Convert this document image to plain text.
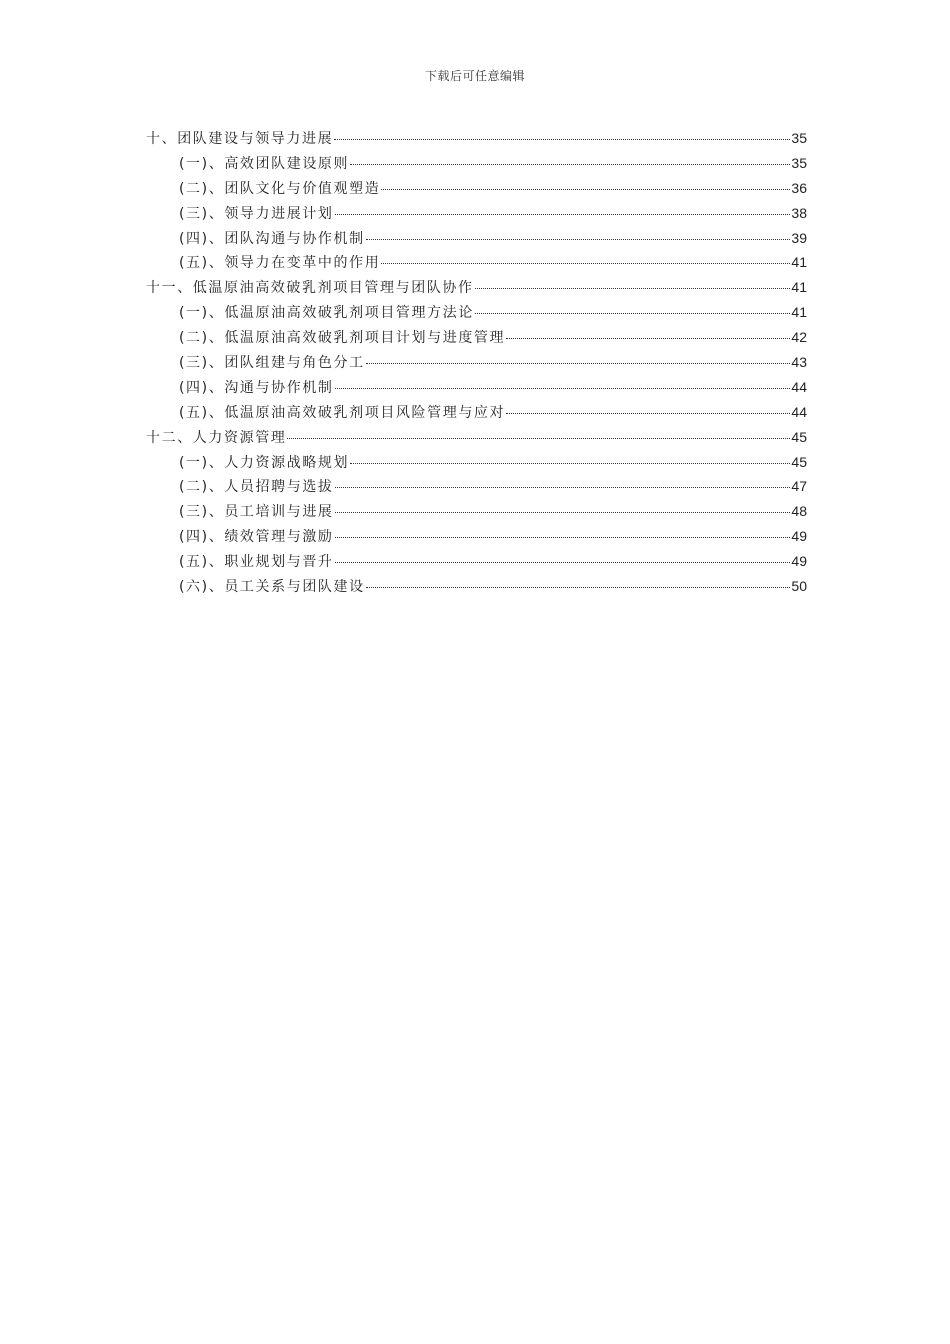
下载后可任意编辑
十、团队建设与领导力进展	35
(一)、高效团队建设原则	35
(二)、团队文化与价值观塑造	36
(三)、领导力进展计划	38
(四)、团队沟通与协作机制	39
(五)、领导力在变革中的作用	41
十一、低温原油高效破乳剂项目管理与团队协作	41
(一)、低温原油高效破乳剂项目管理方法论	41
(二)、低温原油高效破乳剂项目计划与进度管理	42
(三)、团队组建与角色分工	43
(四)、沟通与协作机制	44
(五)、低温原油高效破乳剂项目风险管理与应对	44
十二、人力资源管理	45
(一)、人力资源战略规划	45
(二)、人员招聘与选拔	47
(三)、员工培训与进展	48
(四)、绩效管理与激励	49
(五)、职业规划与晋升	49
(六)、员工关系与团队建设	50
